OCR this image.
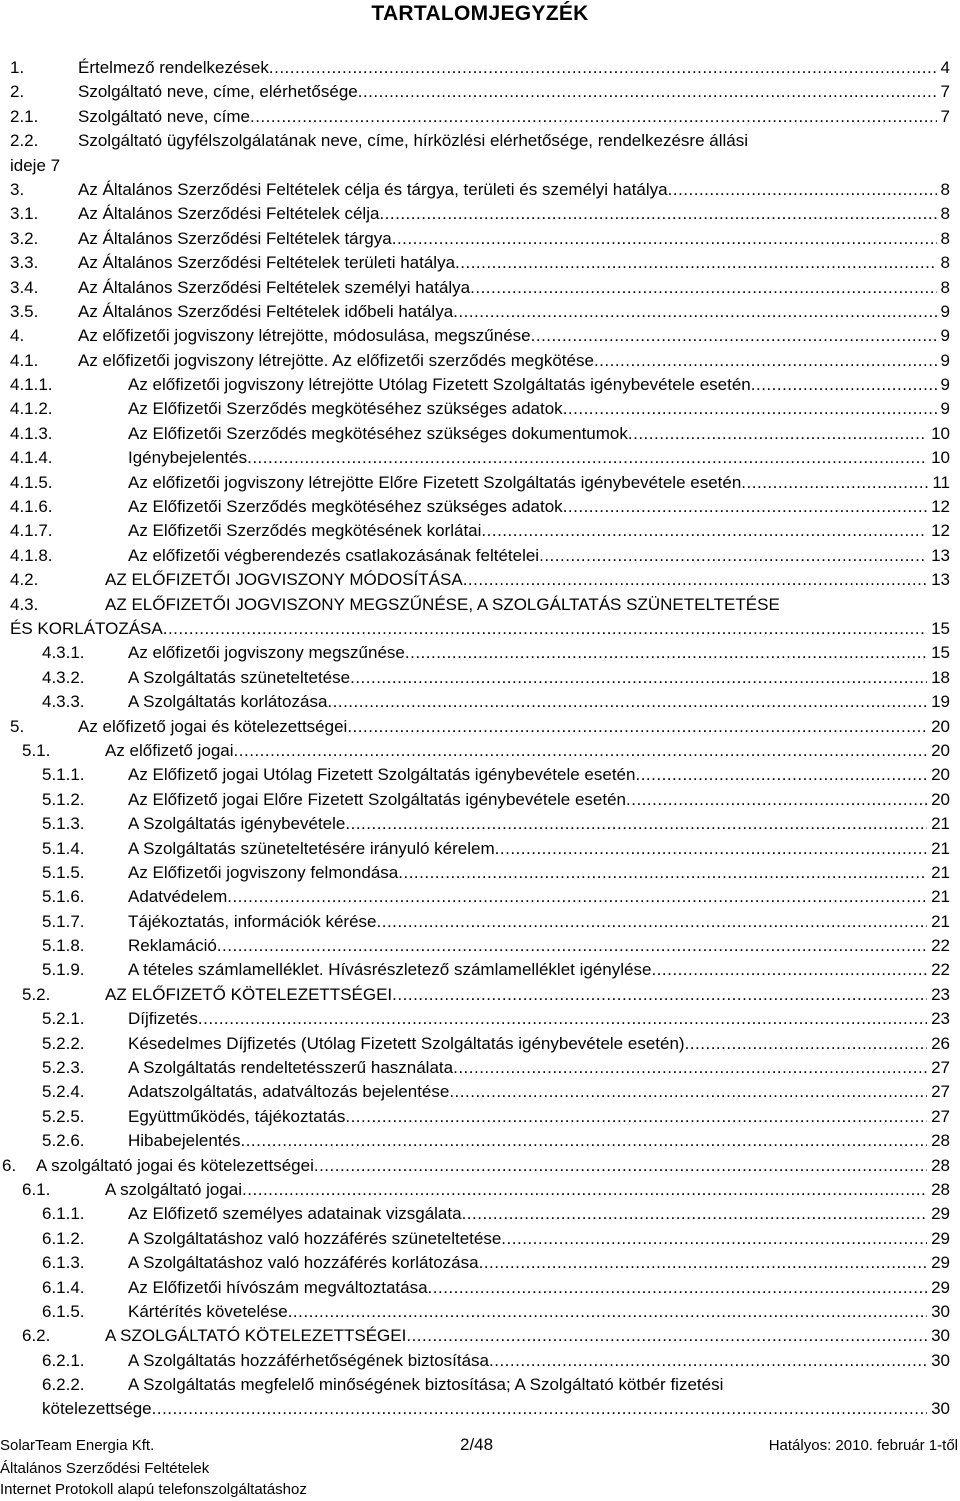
TARTALOMJEGYZÉK
1.	Értelmező rendelkezések .....	4
2.	Szolgáltató neve, címe, elérhetősége .....	7
2.1. Szolgáltató neve, címe .....	7
2.2. Szolgáltató ügyfélszolgálatának neve, címe, hírközlési elérhetősége, rendelkezésre állási
ideje 7
3.	Az Általános Szerződési Feltételek célja és tárgya, területi és személyi hatálya .....	8
3.1. Az Általános Szerződési Feltételek célja .....	8
3.2. Az Általános Szerződési Feltételek tárgya .....	8
3.3. Az Általános Szerződési Feltételek területi hatálya .....	8
3.4. Az Általános Szerződési Feltételek személyi hatálya .....	8
3.5. Az Általános Szerződési Feltételek időbeli hatálya .....	9
4.	Az előfizetői jogviszony létrejötte, módosulása, megszűnése .....	9
4.1. Az előfizetői jogviszony létrejötte. Az előfizetői szerződés megkötése .....	9
4.1.1.	Az előfizetői jogviszony létrejötte Utólag Fizetett Szolgáltatás igénybevétele esetén .....	9
4.1.2.	Az Előfizetői Szerződés megkötéséhez szükséges adatok .....	9
4.1.3.	Az Előfizetői Szerződés megkötéséhez szükséges dokumentumok .....	10
4.1.4.	Igénybejelentés .....	10
4.1.5.	Az előfizetői jogviszony létrejötte Előre Fizetett Szolgáltatás igénybevétele esetén .....	11
4.1.6.	Az Előfizetői Szerződés megkötéséhez szükséges adatok .....	12
4.1.7.	Az Előfizetői Szerződés megkötésének korlátai .....	12
4.1.8.	Az előfizetői végberendezés csatlakozásának feltételei .....	13
4.2.	AZ ELŐFIZETŐI JOGVISZONY MÓDOSÍTÁSA .....	13
4.3.	AZ ELŐFIZETŐI JOGVISZONY MEGSZŰNÉSE, A SZOLGÁLTATÁS SZÜNETELTETÉSE
ÉS KORLÁTOZÁSA .....	15
4.3.1.	Az előfizetői jogviszony megszűnése .....	15
4.3.2.	A Szolgáltatás szüneteltetése .....	18
4.3.3.	A Szolgáltatás korlátozása .....	19
5.	Az előfizető jogai és kötelezettségei .....	20
5.1.	Az előfizető jogai .....	20
5.1.1.	Az Előfizető jogai Utólag Fizetett Szolgáltatás igénybevétele esetén .....	20
5.1.2.	Az Előfizető jogai Előre Fizetett Szolgáltatás igénybevétele esetén .....	20
5.1.3.	A Szolgáltatás igénybevétele .....	21
5.1.4.	A Szolgáltatás szüneteltetésére irányuló kérelem .....	21
5.1.5.	Az Előfizetői jogviszony felmondása .....	21
5.1.6.	Adatvédelem .....	21
5.1.7.	Tájékoztatás, információk kérése .....	21
5.1.8.	Reklamáció .....	22
5.1.9.	A tételes számlamelléklet. Hívásrészletező számlamelléklet igénylése .....	22
5.2.	AZ ELŐFIZETŐ KÖTELEZETTSÉGEI .....	23
5.2.1.	Díjfizetés .....	23
5.2.2.	Késedelmes Díjfizetés (Utólag Fizetett Szolgáltatás igénybevétele esetén) .....	26
5.2.3.	A Szolgáltatás rendeltetésszerű használata .....	27
5.2.4.	Adatszolgáltatás, adatváltozás bejelentése .....	27
5.2.5.	Együttműködés, tájékoztatás .....	27
5.2.6.	Hibabejelentés .....	28
6. A szolgáltató jogai és kötelezettségei .....	28
6.1.	A szolgáltató jogai .....	28
6.1.1.	Az Előfizető személyes adatainak vizsgálata .....	29
6.1.2.	A Szolgáltatáshoz való hozzáférés szüneteltetése .....	29
6.1.3.	A Szolgáltatáshoz való hozzáférés korlátozása .....	29
6.1.4.	Az Előfizetői hívószám megváltoztatása .....	29
6.1.5.	Kártérítés követelése .....	30
6.2.	A SZOLGÁLTATÓ KÖTELEZETTSÉGEI .....	30
6.2.1.	A Szolgáltatás hozzáférhetőségének biztosítása .....	30
6.2.2.	A Szolgáltatás megfelelő minőségének biztosítása; A Szolgáltató kötbér fizetési
kötelezettsége .....	30
SolarTeam Energia Kft.	2/48	Hatályos: 2010. február 1-től
Általános Szerződési Feltételek
Internet Protokoll alapú telefonszolgáltatáshoz
